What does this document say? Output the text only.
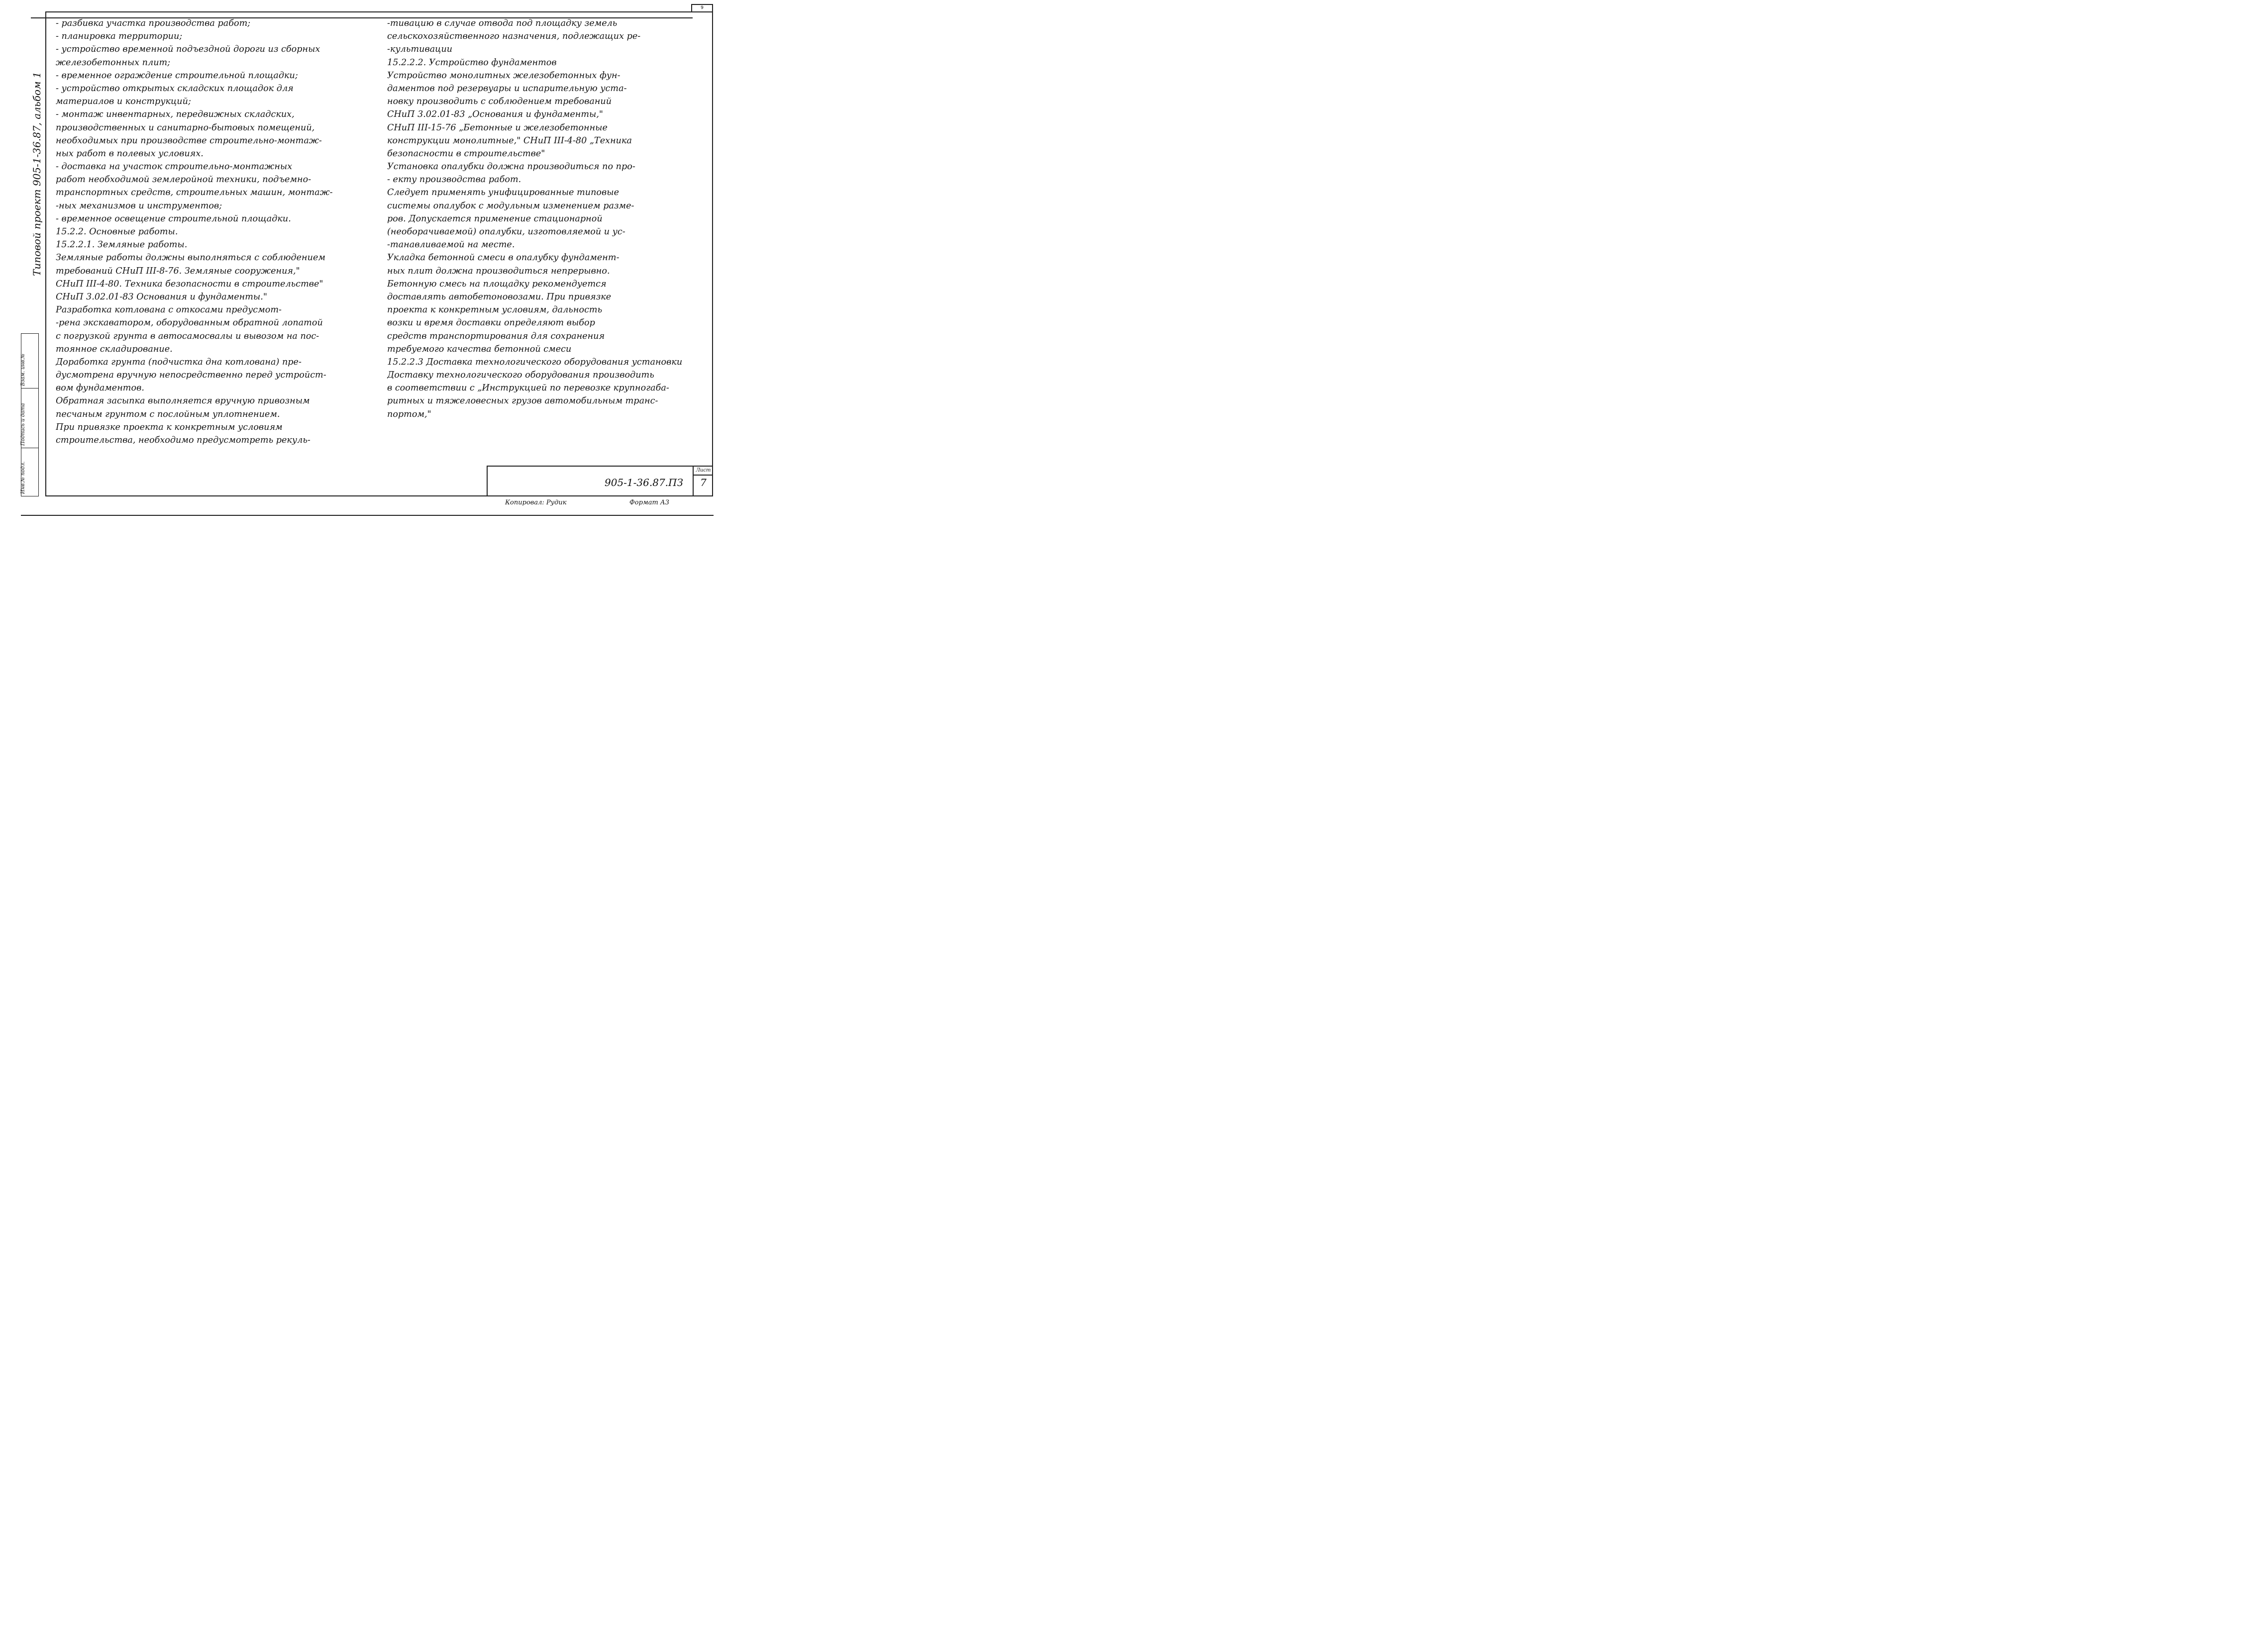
9
Типовой проект 905-1-36.87, альбом 1
Взам. инв.№
Подпись и дата
Инв.№ подл.
- разбивка участка производства работ;
- планировка территории;
- устройство временной подъездной дороги из сборных
железобетонных плит;
- временное ограждение строительной площадки;
- устройство открытых складских площадок для
материалов и конструкций;
- монтаж инвентарных, передвижных складских,
производственных и санитарно-бытовых помещений,
необходимых при производстве строительно-монтаж-
ных работ в полевых условиях.
- доставка на участок строительно-монтажных
работ необходимой землеройной техники, подъемно-
транспортных средств, строительных машин, монтаж-
-ных механизмов и инструментов;
- временное освещение строительной площадки.
15.2.2. Основные работы.
15.2.2.1. Земляные работы.
Земляные работы должны выполняться с соблюдением
требований СНиП III-8-76. Земляные сооружения,"
СНиП III-4-80. Техника безопасности в строительстве"
СНиП 3.02.01-83 Основания и фундаменты."
Разработка котлована с откосами предусмот-
-рена экскаватором, оборудованным обратной лопатой
с погрузкой грунта в автосамосвалы и вывозом на пос-
тоянное складирование.
Доработка грунта (подчистка дна котлована) пре-
дусмотрена вручную непосредственно перед устройст-
вом фундаментов.
Обратная засыпка выполняется вручную привозным
песчаным грунтом с послойным уплотнением.
При привязке проекта к конкретным условиям
строительства, необходимо предусмотреть рекуль-
-тивацию в случае отвода под площадку земель
сельскохозяйственного назначения, подлежащих ре-
-культивации
15.2.2.2. Устройство фундаментов
Устройство монолитных железобетонных фун-
даментов под резервуары и испарительную уста-
новку производить с соблюдением требований
СНиП 3.02.01-83 „Основания и фундаменты,"
СНиП III-15-76 „Бетонные и железобетонные
конструкции монолитные," СНиП III-4-80 „Техника
безопасности в строительстве"
Установка опалубки должна производиться по про-
- екту производства работ.
Следует применять унифицированные типовые
системы опалубок с модульным изменением разме-
ров. Допускается применение стационарной
(необорачиваемой) опалубки, изготовляемой и ус-
-танавливаемой на месте.
Укладка бетонной смеси в опалубку фундамент-
ных плит должна производиться непрерывно.
Бетонную смесь на площадку рекомендуется
доставлять автобетоновозами. При привязке
проекта к конкретным условиям, дальность
возки и время доставки определяют выбор
средств транспортирования для сохранения
требуемого качества бетонной смеси
15.2.2.3 Доставка технологического оборудования установки
Доставку технологического оборудования производить
в соответствии с „Инструкцией по перевозке крупногаба-
ритных и тяжеловесных грузов автомобильным транс-
портом,"
905-1-36.87.ПЗ
Лист
7
Копировал: Рудик	Формат А3
